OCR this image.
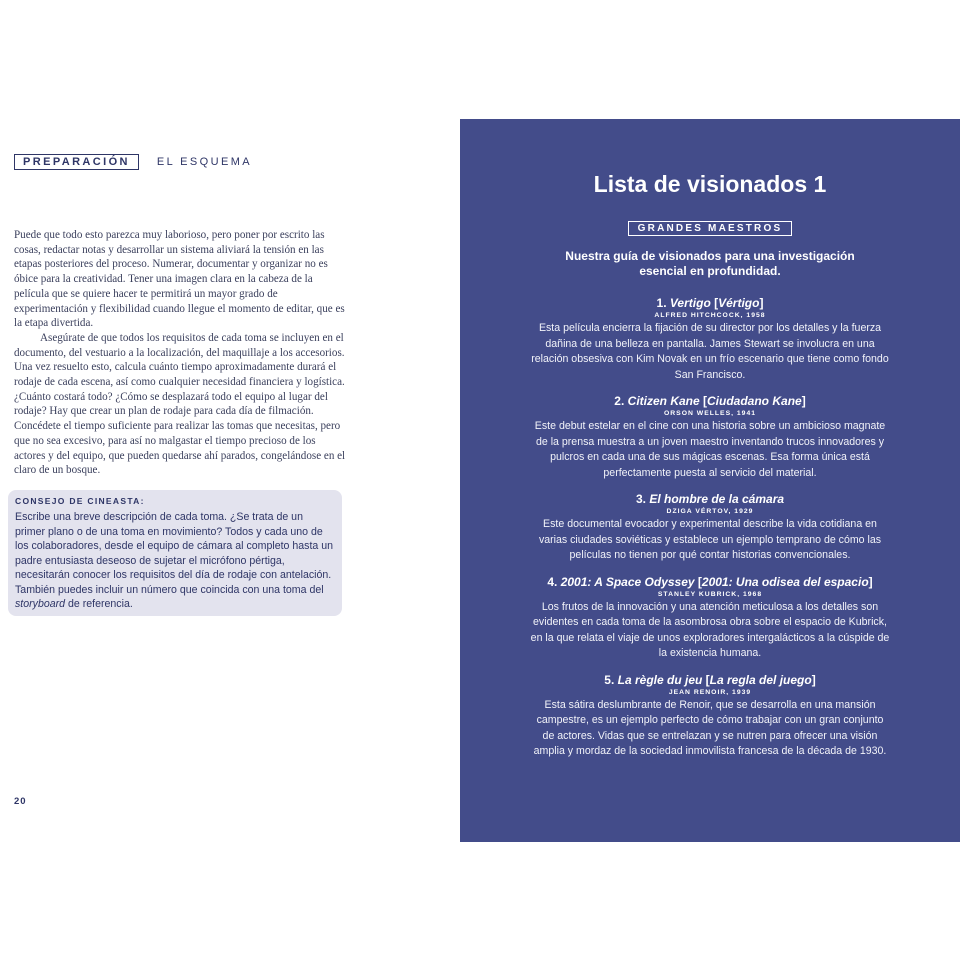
PREPARACIÓN	EL ESQUEMA

Puede que todo esto parezca muy laborioso, pero poner por escrito las cosas, redactar notas y desarrollar un sistema aliviará la tensión en las etapas posteriores del proceso. Numerar, documentar y organizar no es óbice para la creatividad. Tener una imagen clara en la cabeza de la película que se quiere hacer te permitirá un mayor grado de experimentación y flexibilidad cuando llegue el momento de editar, que es la etapa divertida.

Asegúrate de que todos los requisitos de cada toma se incluyen en el documento, del vestuario a la localización, del maquillaje a los accesorios. Una vez resuelto esto, calcula cuánto tiempo aproximadamente durará el rodaje de cada escena, así como cualquier necesidad financiera y logística. ¿Cuánto costará todo? ¿Cómo se desplazará todo el equipo al lugar del rodaje? Hay que crear un plan de rodaje para cada día de filmación. Concédete el tiempo suficiente para realizar las tomas que necesitas, pero que no sea excesivo, para así no malgastar el tiempo precioso de los actores y del equipo, que pueden quedarse ahí parados, congelándose en el claro de un bosque.

CONSEJO DE CINEASTA:
Escribe una breve descripción de cada toma. ¿Se trata de un primer plano o de una toma en movimiento? Todos y cada uno de los colaboradores, desde el equipo de cámara al completo hasta un padre entusiasta deseoso de sujetar el micrófono pértiga, necesitarán conocer los requisitos del día de rodaje con antelación. También puedes incluir un número que coincida con una toma del storyboard de referencia.
20
Lista de visionados 1
GRANDES MAESTROS
Nuestra guía de visionados para una investigación esencial en profundidad.
1. Vertigo [Vértigo]
ALFRED HITCHCOCK, 1958
Esta película encierra la fijación de su director por los detalles y la fuerza dañina de una belleza en pantalla. James Stewart se involucra en una relación obsesiva con Kim Novak en un frío escenario que tiene como fondo San Francisco.
2. Citizen Kane [Ciudadano Kane]
ORSON WELLES, 1941
Este debut estelar en el cine con una historia sobre un ambicioso magnate de la prensa muestra a un joven maestro inventando trucos innovadores y pulcros en cada una de sus mágicas escenas. Esa forma única está perfectamente puesta al servicio del material.
3. El hombre de la cámara
DZIGA VÉRTOV, 1929
Este documental evocador y experimental describe la vida cotidiana en varias ciudades soviéticas y establece un ejemplo temprano de cómo las películas no tienen por qué contar historias convencionales.
4. 2001: A Space Odyssey [2001: Una odisea del espacio]
STANLEY KUBRICK, 1968
Los frutos de la innovación y una atención meticulosa a los detalles son evidentes en cada toma de la asombrosa obra sobre el espacio de Kubrick, en la que relata el viaje de unos exploradores intergalácticos a la cúspide de la existencia humana.
5. La règle du jeu [La regla del juego]
JEAN RENOIR, 1939
Esta sátira deslumbrante de Renoir, que se desarrolla en una mansión campestre, es un ejemplo perfecto de cómo trabajar con un gran conjunto de actores. Vidas que se entrelazan y se nutren para ofrecer una visión amplia y mordaz de la sociedad inmovilista francesa de la década de 1930.
